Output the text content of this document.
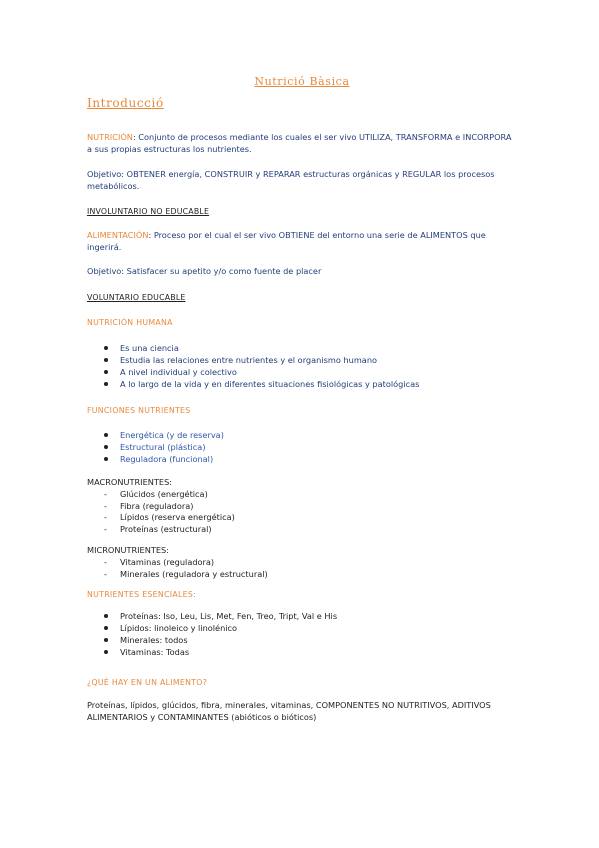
Nutrició Bàsica
Introducció
NUTRICIÓN: Conjunto de procesos mediante los cuales el ser vivo UTILIZA, TRANSFORMA e INCORPORA a sus propias estructuras los nutrientes.
Objetivo: OBTENER energía, CONSTRUIR y REPARAR estructuras orgánicas y REGULAR los procesos metabólicos.
INVOLUNTARIO NO EDUCABLE
ALIMENTACIÓN: Proceso por el cual el ser vivo OBTIENE del entorno una serie de ALIMENTOS que ingerirá.
Objetivo: Satisfacer su apetito y/o como fuente de placer
VOLUNTARIO EDUCABLE
NUTRICIÓN HUMANA
Es una ciencia
Estudia las relaciones entre nutrientes y el organismo humano
A nivel individual y colectivo
A lo largo de la vida y en diferentes situaciones fisiológicas y patológicas
FUNCIONES NUTRIENTES
Energética (y de reserva)
Estructural (plástica)
Reguladora (funcional)
MACRONUTRIENTES:
- Glúcidos (energética)
- Fibra (reguladora)
- Lípidos (reserva energética)
- Proteínas (estructural)
MICRONUTRIENTES:
- Vitaminas (reguladora)
- Minerales (reguladora y estructural)
NUTRIENTES ESENCIALES:
Proteínas: Iso, Leu, Lis, Met, Fen, Treo, Tript, Val e His
Lípidos: linoleico y linolénico
Minerales: todos
Vitaminas: Todas
¿QUÉ HAY EN UN ALIMENTO?
Proteínas, lípidos, glúcidos, fibra, minerales, vitaminas, COMPONENTES NO NUTRITIVOS, ADITIVOS ALIMENTARIOS y CONTAMINANTES (abióticos o bióticos)
